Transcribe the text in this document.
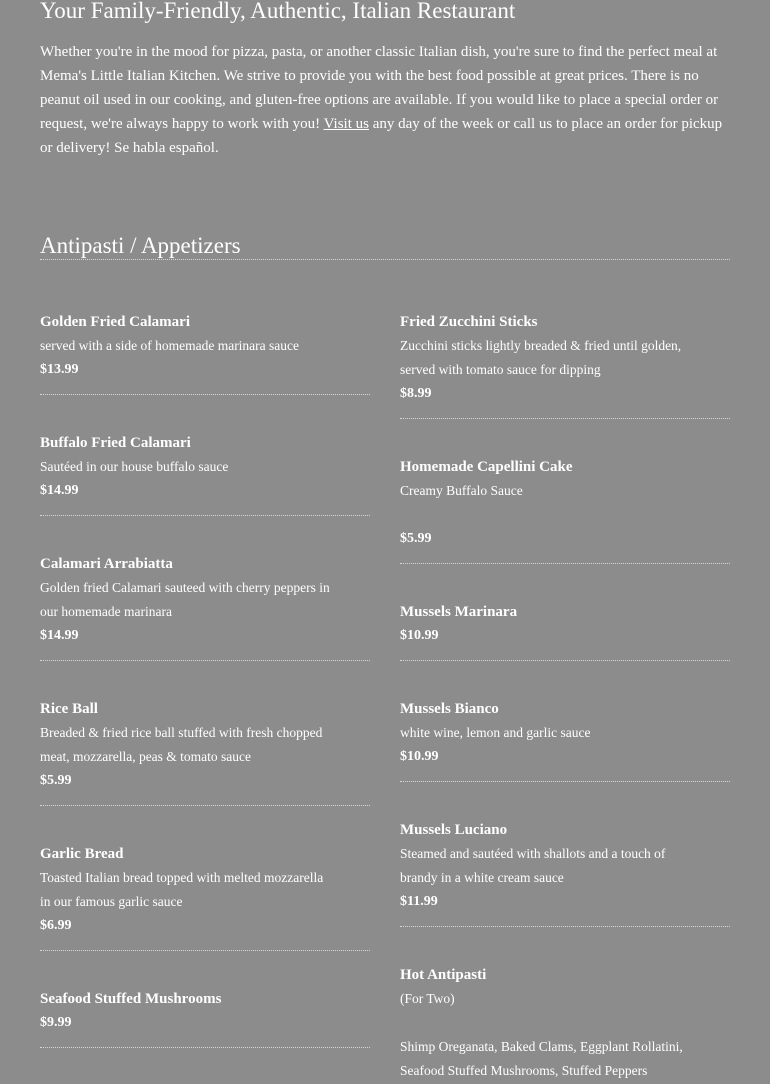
Your Family-Friendly, Authentic, Italian Restaurant

Whether you're in the mood for pizza, pasta, or another classic Italian dish, you're sure to find the perfect meal at Mema's Little Italian Kitchen. We strive to provide you with the best food possible at great prices. There is no peanut oil used in our cooking, and gluten-free options are available. If you would like to place a special order or request, we're always happy to work with you! Visit us any day of the week or call us to place an order for pickup or delivery! Se habla español.

Antipasti / Appetizers

Golden Fried Calamari

served with a side of homemade marinara sauce

$13.99

Buffalo Fried Calamari

Sautéed in our house buffalo sauce

$14.99

Calamari Arrabiatta

Golden fried Calamari sauteed with cherry peppers in our homemade marinara

$14.99

Rice Ball

Breaded & fried rice ball stuffed with fresh chopped meat, mozzarella, peas & tomato sauce

$5.99

Garlic Bread

Toasted Italian bread topped with melted mozzarella in our famous garlic sauce

$6.99

Seafood Stuffed Mushrooms

$9.99

Fried Zucchini Sticks

Zucchini sticks lightly breaded & fried until golden, served with tomato sauce for dipping

$8.99

Homemade Capellini Cake

Creamy Buffalo Sauce

$5.99

Mussels Marinara

$10.99

Mussels Bianco

white wine, lemon and garlic sauce

$10.99

Mussels Luciano

Steamed and sautéed with shallots and a touch of brandy in a white cream sauce

$11.99

Hot Antipasti

(For Two)

Shimp Oreganata, Baked Clams, Eggplant Rollatini, Seafood Stuffed Mushrooms, Stuffed Peppers
